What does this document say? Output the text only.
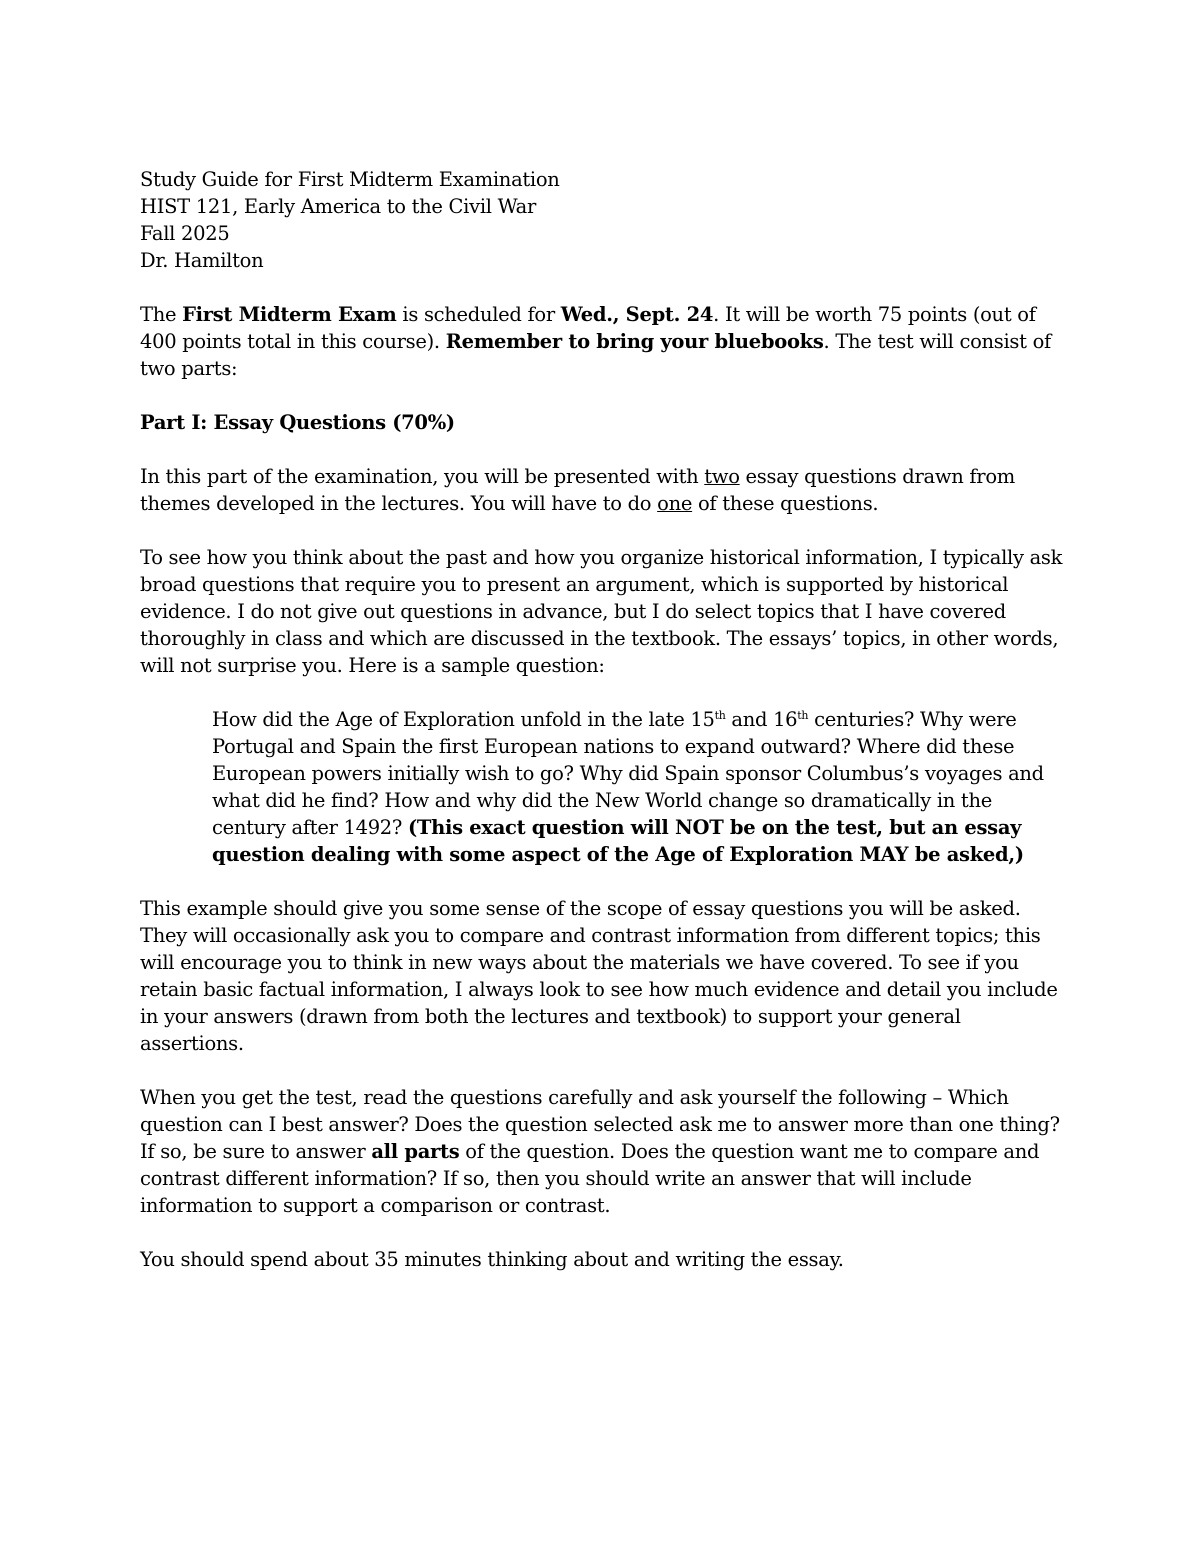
Study Guide for First Midterm Examination
HIST 121, Early America to the Civil War
Fall 2025
Dr. Hamilton

The First Midterm Exam is scheduled for Wed., Sept. 24. It will be worth 75 points (out of 400 points total in this course). Remember to bring your bluebooks. The test will consist of two parts:

Part I: Essay Questions (70%)

In this part of the examination, you will be presented with two essay questions drawn from themes developed in the lectures. You will have to do one of these questions.

To see how you think about the past and how you organize historical information, I typically ask broad questions that require you to present an argument, which is supported by historical evidence. I do not give out questions in advance, but I do select topics that I have covered thoroughly in class and which are discussed in the textbook. The essays’ topics, in other words, will not surprise you. Here is a sample question:

How did the Age of Exploration unfold in the late 15th and 16th centuries? Why were Portugal and Spain the first European nations to expand outward? Where did these European powers initially wish to go? Why did Spain sponsor Columbus’s voyages and what did he find? How and why did the New World change so dramatically in the century after 1492? (This exact question will NOT be on the test, but an essay question dealing with some aspect of the Age of Exploration MAY be asked,)

This example should give you some sense of the scope of essay questions you will be asked. They will occasionally ask you to compare and contrast information from different topics; this will encourage you to think in new ways about the materials we have covered. To see if you retain basic factual information, I always look to see how much evidence and detail you include in your answers (drawn from both the lectures and textbook) to support your general assertions.

When you get the test, read the questions carefully and ask yourself the following – Which question can I best answer? Does the question selected ask me to answer more than one thing? If so, be sure to answer all parts of the question. Does the question want me to compare and contrast different information? If so, then you should write an answer that will include information to support a comparison or contrast.

You should spend about 35 minutes thinking about and writing the essay.
